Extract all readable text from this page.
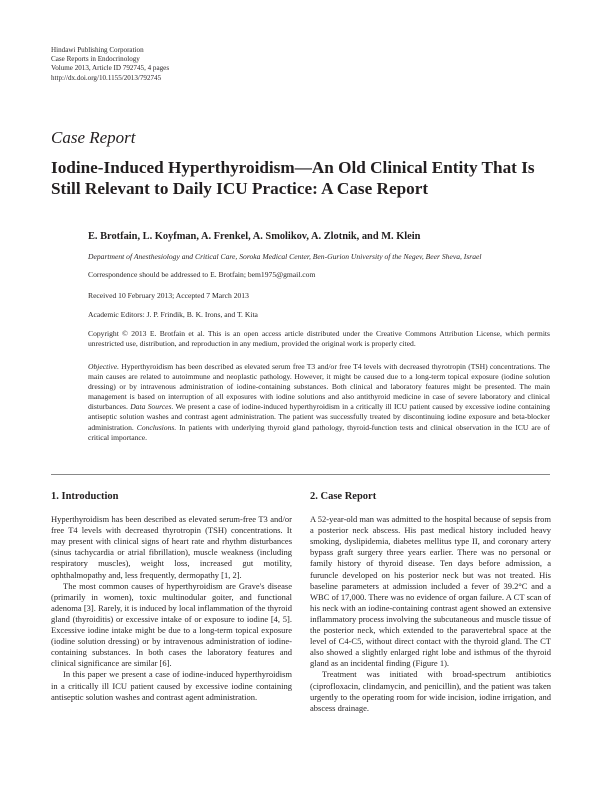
Hindawi Publishing Corporation
Case Reports in Endocrinology
Volume 2013, Article ID 792745, 4 pages
http://dx.doi.org/10.1155/2013/792745
Case Report
Iodine-Induced Hyperthyroidism—An Old Clinical Entity That Is Still Relevant to Daily ICU Practice: A Case Report
E. Brotfain, L. Koyfman, A. Frenkel, A. Smolikov, A. Zlotnik, and M. Klein
Department of Anesthesiology and Critical Care, Soroka Medical Center, Ben-Gurion University of the Negev, Beer Sheva, Israel
Correspondence should be addressed to E. Brotfain; bem1975@gmail.com
Received 10 February 2013; Accepted 7 March 2013
Academic Editors: J. P. Frindik, B. K. Irons, and T. Kita
Copyright © 2013 E. Brotfain et al. This is an open access article distributed under the Creative Commons Attribution License, which permits unrestricted use, distribution, and reproduction in any medium, provided the original work is properly cited.
Objective. Hyperthyroidism has been described as elevated serum free T3 and/or free T4 levels with decreased thyrotropin (TSH) concentrations. The main causes are related to autoimmune and neoplastic pathology. However, it might be caused due to a long-term topical exposure (iodine solution dressing) or by intravenous administration of iodine-containing substances. Both clinical and laboratory features might be presented. The main management is based on interruption of all exposures with iodine solutions and also antithyroid medicine in case of severe laboratory and clinical disturbances. Data Sources. We present a case of iodine-induced hyperthyroidism in a critically ill ICU patient caused by excessive iodine containing antiseptic solution washes and contrast agent administration. The patient was successfully treated by discontinuing iodine exposure and beta-blocker administration. Conclusions. In patients with underlying thyroid gland pathology, thyroid-function tests and clinical observation in the ICU are of critical importance.
1. Introduction

Hyperthyroidism has been described as elevated serum-free T3 and/or free T4 levels with decreased thyrotropin (TSH) concentrations. It may present with clinical signs of heart rate and rhythm disturbances (sinus tachycardia or atrial fibrillation), muscle weakness (including respiratory muscles), weight loss, increased gut motility, ophthalmopathy and, less frequently, dermopathy [1, 2].

The most common causes of hyperthyroidism are Grave's disease (primarily in women), toxic multinodular goiter, and functional adenoma [3]. Rarely, it is induced by local inflammation of the thyroid gland (thyroiditis) or excessive intake of or exposure to iodine [4, 5]. Excessive iodine intake might be due to a long-term topical exposure (iodine solution dressing) or by intravenous administration of iodine-containing substances. In both cases the laboratory features and clinical significance are similar [6].

In this paper we present a case of iodine-induced hyperthyroidism in a critically ill ICU patient caused by excessive iodine containing antiseptic solution washes and contrast agent administration.

2. Case Report

A 52-year-old man was admitted to the hospital because of sepsis from a posterior neck abscess. His past medical history included heavy smoking, dyslipidemia, diabetes mellitus type II, and coronary artery bypass graft surgery three years earlier. There was no personal or family history of thyroid disease. Ten days before admission, a furuncle developed on his posterior neck but was not treated. His baseline parameters at admission included a fever of 39.2°C and a WBC of 17,000. There was no evidence of organ failure. A CT scan of his neck with an iodine-containing contrast agent showed an extensive inflammatory process involving the subcutaneous and muscle tissue of the posterior neck, which extended to the paravertebral space at the level of C4-C5, without direct contact with the thyroid gland. The CT also showed a slightly enlarged right lobe and isthmus of the thyroid gland as an incidental finding (Figure 1).

Treatment was initiated with broad-spectrum antibiotics (ciprofloxacin, clindamycin, and penicillin), and the patient was taken urgently to the operating room for wide incision, iodine irrigation, and abscess drainage.
